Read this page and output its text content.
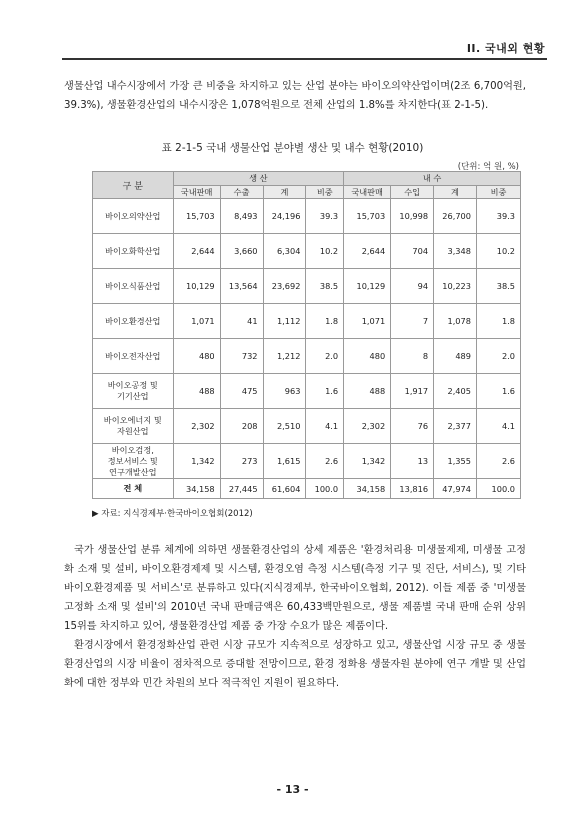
II. 국내외 현황

생물산업 내수시장에서 가장 큰 비중을 차지하고 있는 산업 분야는 바이오의약산업이며(2조 6,700억원, 39.3%), 생물환경산업의 내수시장은 1,078억원으로 전체 산업의 1.8%를 차지한다(표 2-1-5).

표 2-1-5 국내 생물산업 분야별 생산 및 내수 현황(2010)
(단위: 억 원, %)
구 분	생 산				내 수			
	국내판매	수출	계	비중	국내판매	수입	계	비중
바이오의약산업	15,703	8,493	24,196	39.3	15,703	10,998	26,700	39.3
바이오화학산업	2,644	3,660	6,304	10.2	2,644	704	3,348	10.2
바이오식품산업	10,129	13,564	23,692	38.5	10,129	94	10,223	38.5
바이오환경산업	1,071	41	1,112	1.8	1,071	7	1,078	1.8
바이오전자산업	480	732	1,212	2.0	480	8	489	2.0
바이오공정 및
기기산업	488	475	963	1.6	488	1,917	2,405	1.6
바이오에너지 및
자원산업	2,302	208	2,510	4.1	2,302	76	2,377	4.1
바이오검정,
정보서비스 및
연구개발산업	1,342	273	1,615	2.6	1,342	13	1,355	2.6
전 체	34,158	27,445	61,604	100.0	34,158	13,816	47,974	100.0
▶ 자료: 지식경제부·한국바이오협회(2012)

국가 생물산업 분류 체계에 의하면 생물환경산업의 상세 제품은 '환경처리용 미생물제제, 미생물 고정화 소재 및 설비, 바이오환경제제 및 시스템, 환경오염 측정 시스템(측정 기구 및 진단, 서비스), 및 기타 바이오환경제품 및 서비스'로 분류하고 있다(지식경제부, 한국바이오협회, 2012). 이들 제품 중 '미생물고정화 소재 및 설비'의 2010년 국내 판매금액은 60,433백만원으로, 생물 제품별 국내 판매 순위 상위 15위를 차지하고 있어, 생물환경산업 제품 중 가장 수요가 많은 제품이다.

환경시장에서 환경정화산업 관련 시장 규모가 지속적으로 성장하고 있고, 생물산업 시장 규모 중 생물환경산업의 시장 비율이 점차적으로 증대할 전망이므로, 환경 정화용 생물자원 분야에 연구 개발 및 산업화에 대한 정부와 민간 차원의 보다 적극적인 지원이 필요하다.

- 13 -
